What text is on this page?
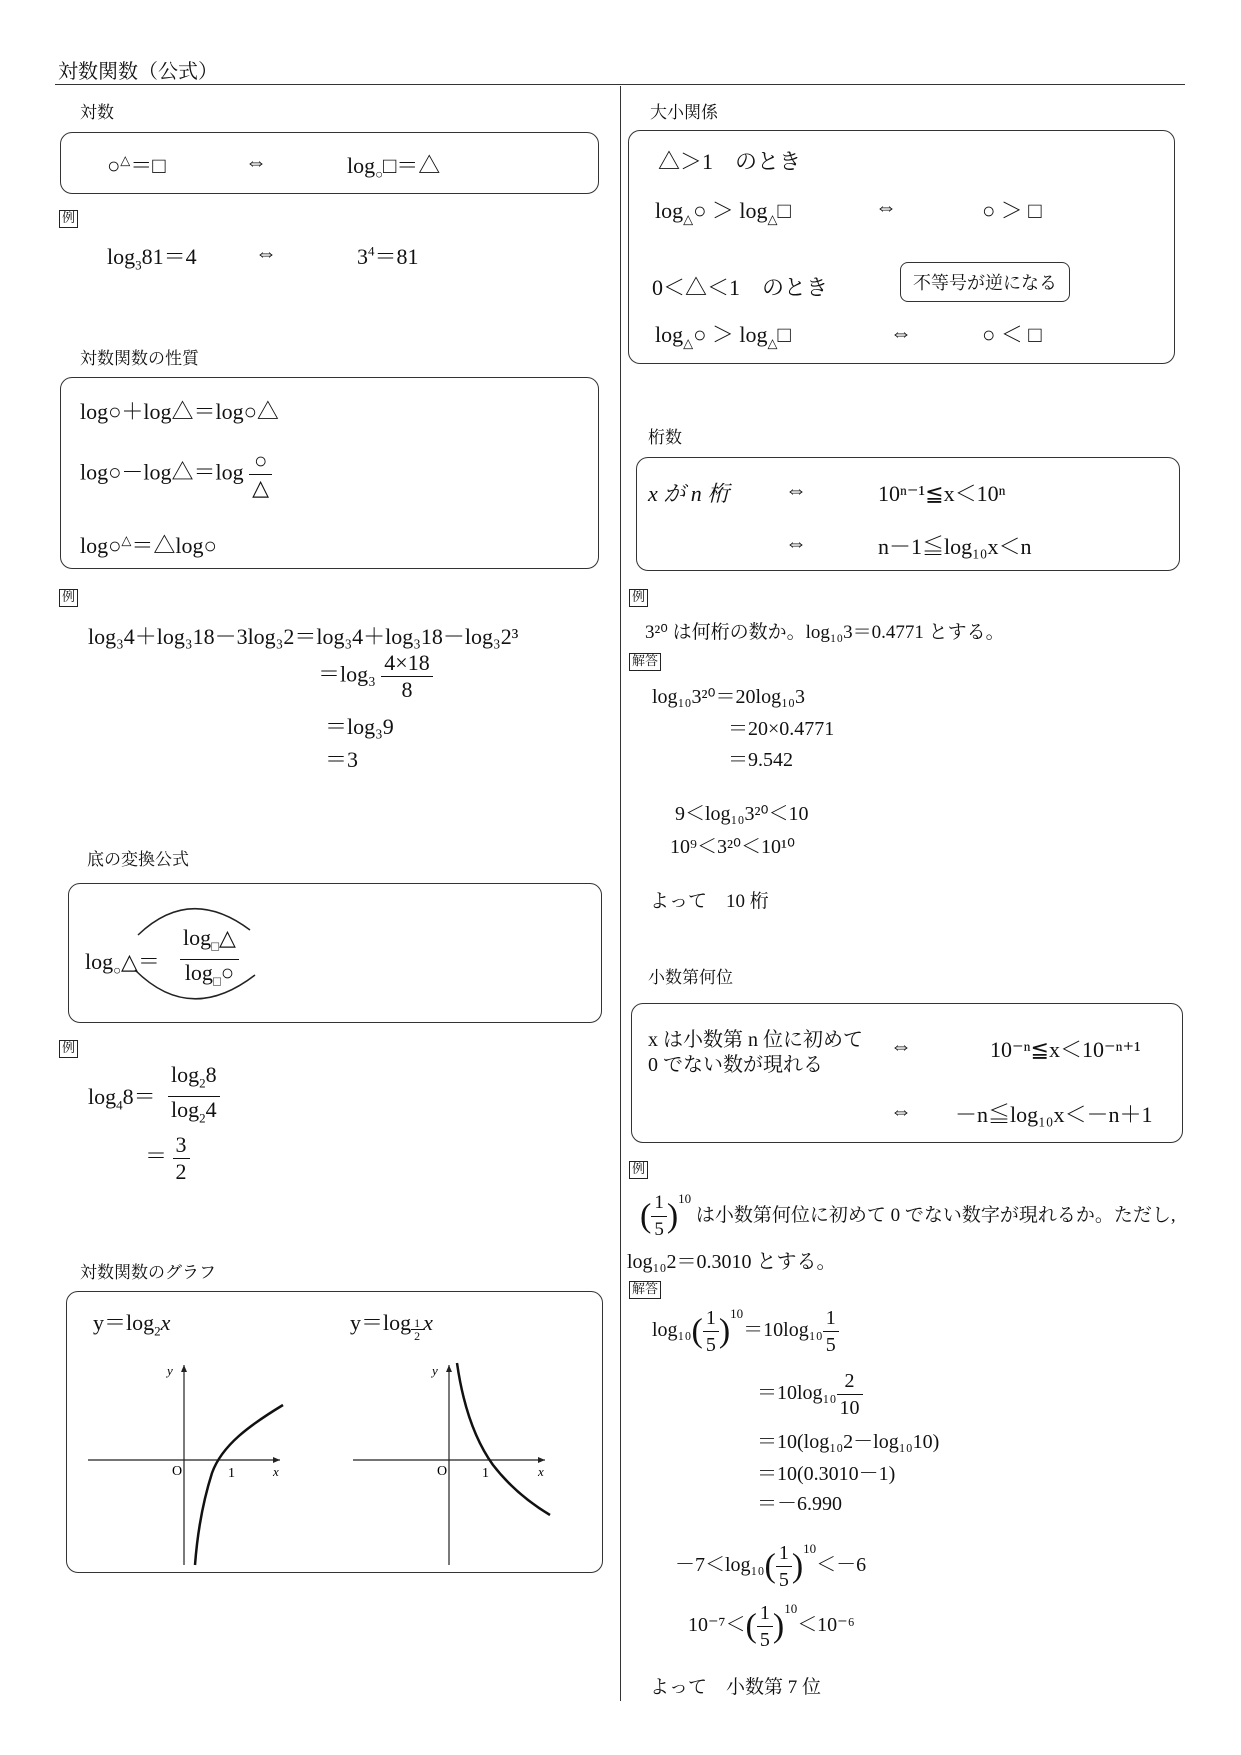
対数関数（公式）
対数
○△＝□	⇔	$\log_○□=\triangle$
例
$\log_381=4$	⇔	$3^4=81$
対数関数の性質
log○＋log△＝log○△
log○－log△＝log $\frac{○}{\triangle}$
log○△＝△log○
例
log₃4＋log₃18－3log₃2＝log₃4＋log₃18－log₃2³
$=\log_3 \frac{4\times 18}{8}$
＝log₃9
＝3
底の変換公式
$\log_○\triangle= \frac{\log_□\triangle}{\log_□○}$
例
$\log_48= \frac{\log_28}{\log_24}$
＝ $\frac{3}{2}$
対数関数のグラフ
$y=\log_2x$	$y=\log \frac{1}{2}$ x
y
x
O	1
y
x
O 1
大小関係
△＞1　のとき
$\log_\triangle○$ ＞ $\log_\triangle□$	⇔	○ ＞ □
0＜△＜1　のとき	不等号が逆になる
$\log_\triangle○$ ＞ $\log_\triangle□$	⇔	○ ＜ □
桁数
x が n 桁	⇔	10ⁿ⁻¹≦x＜10ⁿ
⇔	n－1≦log₁₀x＜n
例
3²⁰ は何桁の数か。log₁₀3＝0.4771 とする。
解答
log₁₀3²⁰＝20log₁₀3
＝20×0.4771
＝9.542
9＜log₁₀3²⁰＜10
10⁹＜3²⁰＜10¹⁰
よって　10 桁
小数第何位
x は小数第 n 位に初めて
0 でない数が現れる
⇔	10⁻ⁿ≦x＜10⁻ⁿ⁺¹
⇔ －n≦log₁₀x＜－n＋1
例
( $\frac{1}{5} )^{10}$ は小数第何位に初めて 0 でない数字が現れるか。ただし,
log₁₀2＝0.3010 とする。
解答
$\log_{10}( \frac{1}{5} )^{10}=10\log_{10} \frac{1}{5}$
$=10\log_{10} \frac{2}{10}$
＝10(log₁₀2－log₁₀10)
＝10(0.3010－1)
＝－6.990
$-7<\log_{10}( \frac{1}{5} )^{10}<-6$
$10^{-7}<( \frac{1}{5} )^{10}<10^{-6}$
よって　小数第 7 位
